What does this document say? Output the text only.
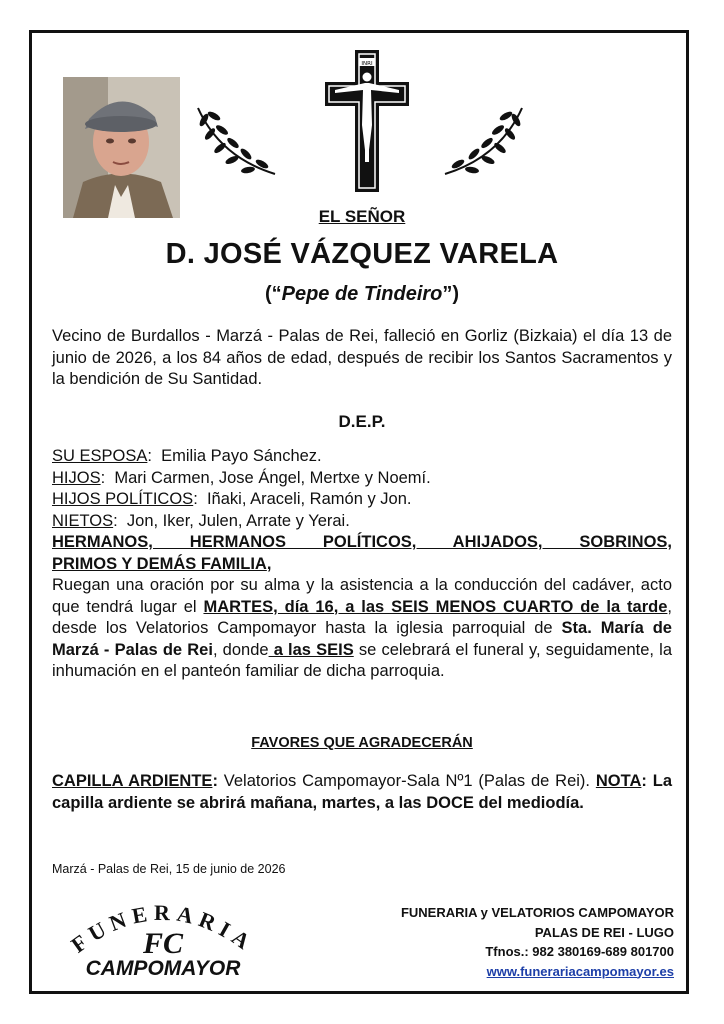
INRI
EL SEÑOR
D. JOSÉ VÁZQUEZ VARELA
(“Pepe de Tindeiro”)
Vecino de Burdallos - Marzá - Palas de Rei, falleció en Gorliz (Bizkaia) el día 13 de junio de 2026, a los 84 años de edad, después de recibir los Santos Sacramentos y la bendición de Su Santidad.
D.E.P.
SU ESPOSA:  Emilia Payo Sánchez.
HIJOS:  Mari Carmen, Jose Ángel, Mertxe y Noemí.
HIJOS POLÍTICOS:  Iñaki, Araceli, Ramón y Jon.
NIETOS:  Jon, Iker, Julen, Arrate y Yerai.
HERMANOS, HERMANOS POLÍTICOS, AHIJADOS, SOBRINOS,
PRIMOS Y DEMÁS FAMILIA,
Ruegan una oración por su alma y la asistencia a la conducción del cadáver, acto que tendrá lugar el MARTES, día 16, a las SEIS MENOS CUARTO de la tarde, desde los Velatorios Campomayor hasta la iglesia parroquial de Sta. María de Marzá - Palas de Rei, donde a las SEIS se celebrará el funeral y, seguidamente, la inhumación en el panteón familiar de dicha parroquia.
FAVORES QUE AGRADECERÁN
CAPILLA ARDIENTE: Velatorios Campomayor-Sala Nº1 (Palas de Rei). NOTA: La capilla ardiente se abrirá mañana, martes, a las DOCE del mediodía.
Marzá - Palas de Rei, 15 de junio de 2026
FUNERARIA
FC
CAMPOMAYOR
FUNERARIA y VELATORIOS CAMPOMAYOR
PALAS DE REI - LUGO
Tfnos.: 982 380169-689 801700
www.funerariacampomayor.es
